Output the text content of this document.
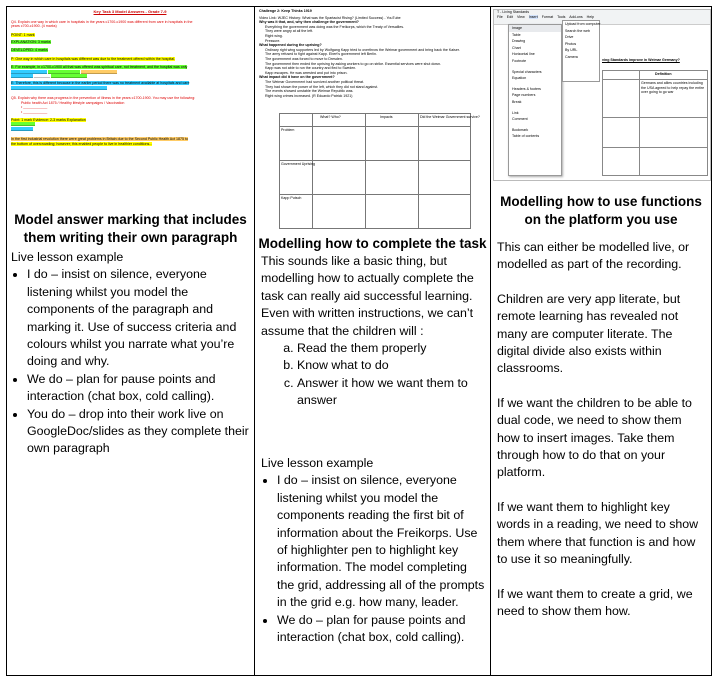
Key Task 3 Model Answers - Grade 7-9
Q4. Explain one way in which care in hospitals in the years c1700-c1900 was different from care in hospitals in the
years c700-c1900. (4 marks)
POINT: 1 mark
EXPLANATION: 3 marks
DEVELOPED: 4 marks
P: One way in which care in hospitals was different was due to the treatment offered within the hospital.
E: For example, in c1700-c1900 all that was offered was spiritual care, not treatment, and the hospital was only
__________________ ________________ __________________
___________ ________ __________________
E: Therefore, this is different because in the earlier period there was no treatment available at hospitals and care
________________________________________________
Q5. Explain why there was progress in the prevention of illness in the years c1700-1900. You may use the following:
Public health Act 1875 / Healthy lifestyle campaigns / Vaccination
• ____________
• ____________
Point: 1 mark Evidence: 2-3 marks Explanation
____________
___________
In the first industrial revolution there were great problems in Britain due to the Second Public Health Act 1875 to
the bottom of overcrowding; however; this enabled people to live in healthier conditions...
Model answer marking that includes them writing their own paragraph

Live lesson example

• I do – insist on silence, everyone listening whilst you model the components of the paragraph and marking it. Use of success criteria and colours whilst you narrate what you’re doing and why.
• We do – plan for pause points and interaction (chat box, cold calling).
• You do – drop into their work live on GoogleDoc/slides as they complete their own paragraph
Challenge 2: Keep Thinks 1919
Video Link: WJEC History: What was the Spartacist Rising? (Limited Success) - YouTube
Why was it that, and, why then challenge the government?
Everything the government was doing was the Freikorps, which the Treaty of Versailles.
They were angry at all the left.
Right wing.
Pressure.
What happened during the uprising?
Ordinary right wing supporters led by Wolfgang Kapp tried to overthrow the Weimar government and bring back the Kaiser.
The army refused to fight against Kapp. Ebert's government left Berlin.
The government was forced to move to Dresden.
The government then ended the uprising by asking workers to go on strike. Essential services were shut down.
Kapp was not able to run the country and fled to Sweden.
Kapp escapes. He was arrested and put into prison.
What impact did it have on the government?
The Weimar Government had survived another political threat.
They had shown the power of the left, which they did not stand against.
The events showed unstable the Weimar Republic was.
Right wing crimes increased. (R Eduardo Patrick 1921)
What? Who?	Impacts	Did the Weimar Government survive?
Problem
Government Uprising
Kapp Putsch
Modelling how to complete the task

This sounds like a basic thing, but modelling how to actually complete the task can really aid successful learning. Even with written instructions, we can’t assume that the children will :

a. Read the them properly
b. Know what to do
c. Answer it how we want them to answer

Live lesson example

• I do – insist on silence, everyone listening whilst you model the components reading the first bit of information about the Freikorps. Use of highlighter pen to highlight key information. The model completing the grid, addressing all of the prompts in the grid e.g. how many, leader.
• We do – plan for pause points and interaction (chat box, cold calling).
T - Living Standards
File Edit View Insert Format Tools Add-ons Help
Image
Table
Drawing
Chart
Horizontal line
Footnote
Special characters
Equation
Headers & footers
Page numbers
Break
Link
Comment
Bookmark
Table of contents
Upload from computer
Search the web
Drive
Photos
By URL
Camera
ving Standards improve in Weimar Germany?
Definition
Germans and allies countries including the USA agreed to help repay the entire over going to go war
Modelling how to use functions on the platform you use

This can either be modelled live, or modelled as part of the recording.

Children are very app literate, but remote learning has revealed not many are computer literate. The digital divide also exists within classrooms.

If we want the children to be able to dual code, we need to show them how to insert images. Take them through how to do that on your platform.

If we want them to highlight key words in a reading, we need to show them where that function is and how to use it so meaningfully.

If we want them to create a grid, we need to show them how.
